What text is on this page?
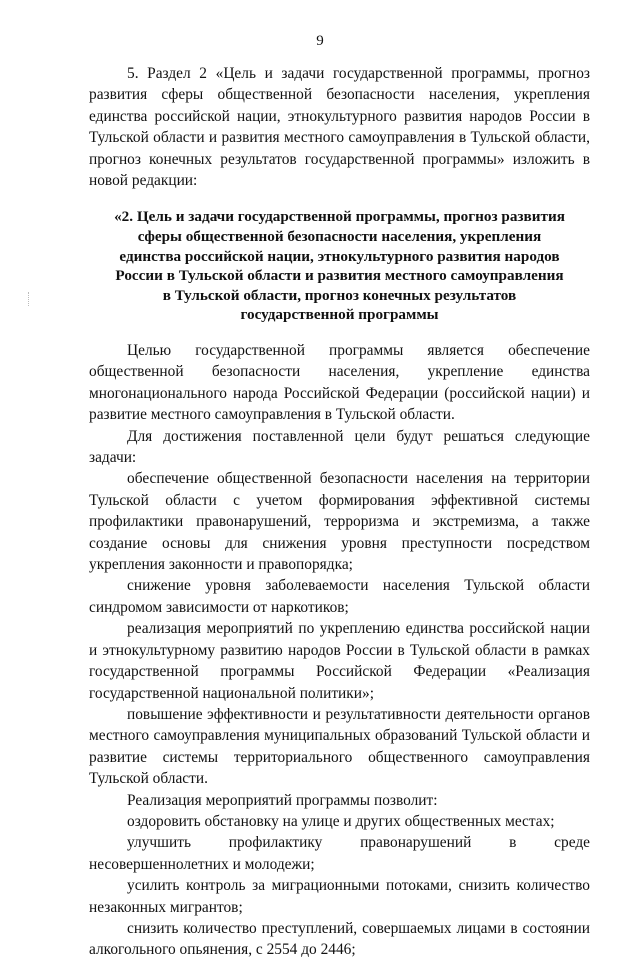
9

5. Раздел 2 «Цель и задачи государственной программы, прогноз развития сферы общественной безопасности населения, укрепления единства российской нации, этнокультурного развития народов России в Тульской области и развития местного самоуправления в Тульской области, прогноз конечных результатов государственной программы» изложить в новой редакции:

«2. Цель и задачи государственной программы, прогноз развития сферы общественной безопасности населения, укрепления единства российской нации, этнокультурного развития народов России в Тульской области и развития местного самоуправления в Тульской области, прогноз конечных результатов государственной программы

Целью государственной программы является обеспечение общественной безопасности населения, укрепление единства многонационального народа Российской Федерации (российской нации) и развитие местного самоуправления в Тульской области.

Для достижения поставленной цели будут решаться следующие задачи:

обеспечение общественной безопасности населения на территории Тульской области с учетом формирования эффективной системы профилактики правонарушений, терроризма и экстремизма, а также создание основы для снижения уровня преступности посредством укрепления законности и правопорядка;

снижение уровня заболеваемости населения Тульской области синдромом зависимости от наркотиков;

реализация мероприятий по укреплению единства российской нации и этнокультурному развитию народов России в Тульской области в рамках государственной программы Российской Федерации «Реализация государственной национальной политики»;

повышение эффективности и результативности деятельности органов местного самоуправления муниципальных образований Тульской области и развитие системы территориального общественного самоуправления Тульской области.

Реализация мероприятий программы позволит:

оздоровить обстановку на улице и других общественных местах;

улучшить профилактику правонарушений в среде несовершеннолетних и молодежи;

усилить контроль за миграционными потоками, снизить количество незаконных мигрантов;

снизить количество преступлений, совершаемых лицами в состоянии алкогольного опьянения, с 2554 до 2446;
